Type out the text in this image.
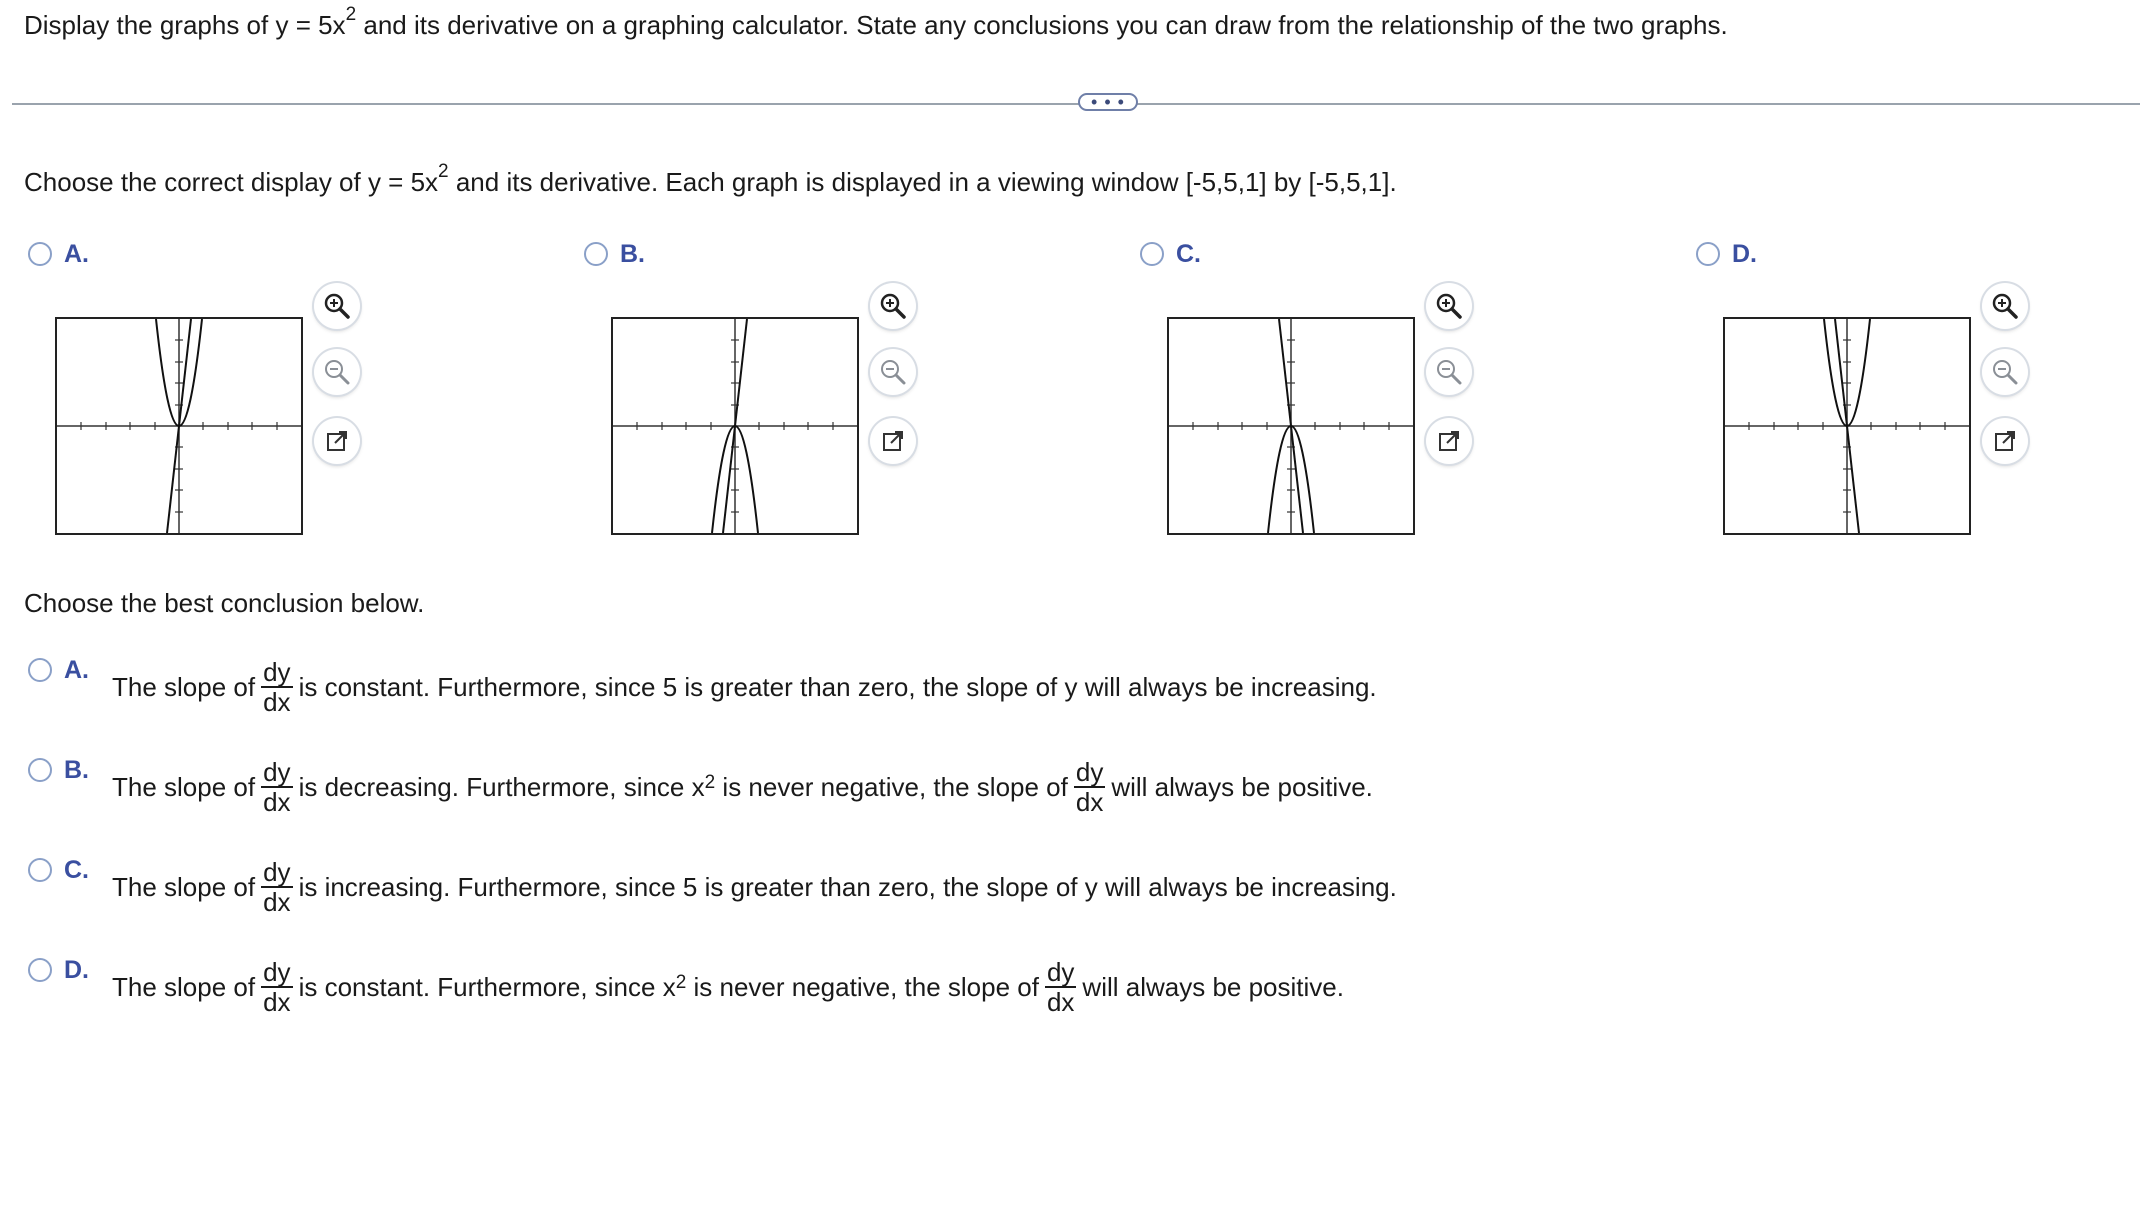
Display the graphs of $y = 5x^2$ and its derivative on a graphing calculator. State any conclusions you can draw from the relationship of the two graphs.
• • •
Choose the correct display of $y = 5x^2$ and its derivative. Each graph is displayed in a viewing window [-5,5,1] by [-5,5,1].
A.	B.	C.	D.
Choose the best conclusion below.
A.
The slope of $\frac{dy}{dx}$ is constant. Furthermore, since 5 is greater than zero, the slope of y will always be increasing.
B.
The slope of $\frac{dy}{dx}$ is decreasing. Furthermore, since $x^2$ is never negative, the slope of $\frac{dy}{dx}$ will always be positive.
C.
The slope of $\frac{dy}{dx}$ is increasing. Furthermore, since 5 is greater than zero, the slope of y will always be increasing.
D.
The slope of $\frac{dy}{dx}$ is constant. Furthermore, since $x^2$ is never negative, the slope of $\frac{dy}{dx}$ will always be positive.
